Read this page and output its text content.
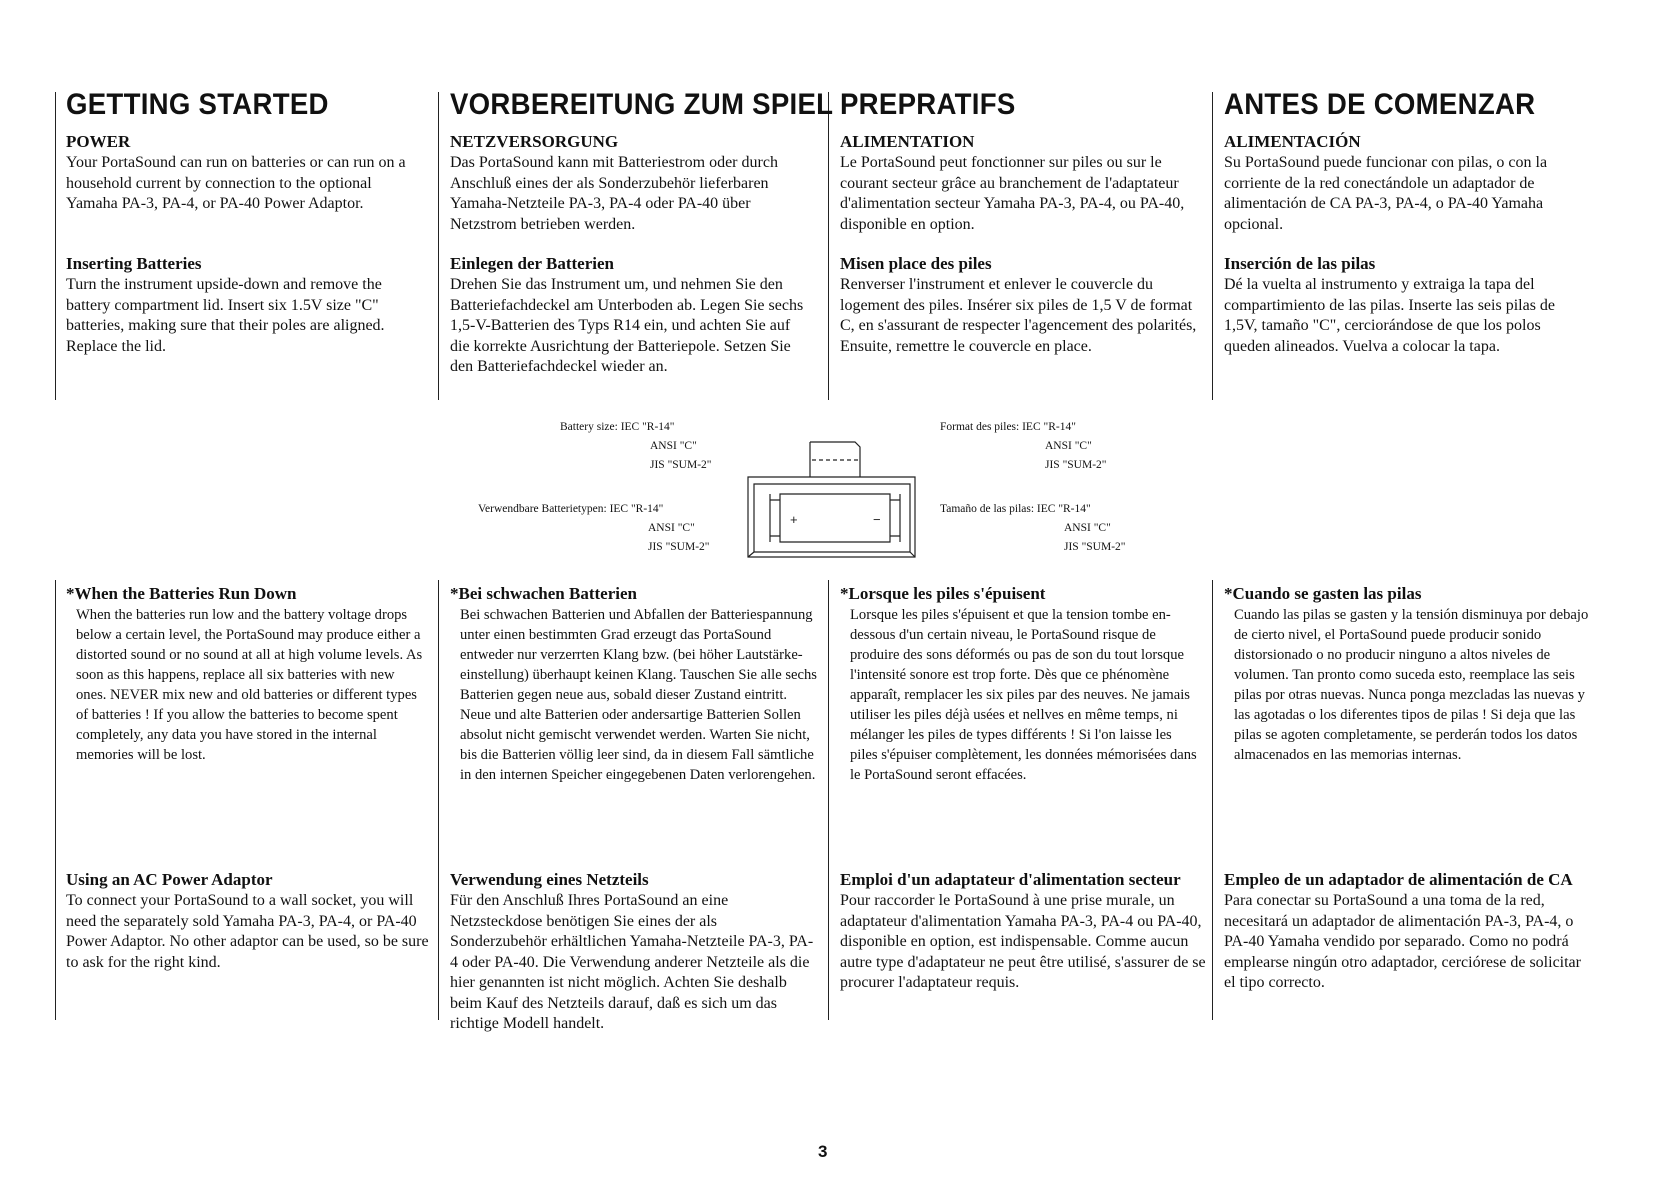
GETTING STARTED

POWER

Your PortaSound can run on batteries or can run on a household current by connection to the optional Yamaha PA-3, PA-4, or PA-40 Power Adaptor.

Inserting Batteries

Turn the instrument upside-down and remove the battery compartment lid. Insert six 1.5V size "C" batteries, making sure that their poles are aligned. Replace the lid.

*When the Batteries Run Down

When the batteries run low and the battery voltage drops below a certain level, the PortaSound may produce either a distorted sound or no sound at all at high volume levels. As soon as this happens, replace all six batteries with new ones. NEVER mix new and old batteries or different types of batteries ! If you allow the batteries to become spent completely, any data you have stored in the internal memories will be lost.

Using an AC Power Adaptor

To connect your PortaSound to a wall socket, you will need the separately sold Yamaha PA-3, PA-4, or PA-40 Power Adaptor. No other adaptor can be used, so be sure to ask for the right kind.

VORBEREITUNG ZUM SPIEL

NETZVERSORGUNG

Das PortaSound kann mit Batteriestrom oder durch Anschluß eines der als Sonderzubehör lieferbaren Yamaha-Netzteile PA-3, PA-4 oder PA-40 über Netzstrom betrieben werden.

Einlegen der Batterien

Drehen Sie das Instrument um, und nehmen Sie den Batteriefachdeckel am Unterboden ab. Legen Sie sechs 1,5-V-Batterien des Typs R14 ein, und achten Sie auf die korrekte Ausrichtung der Batteriepole. Setzen Sie den Batteriefachdeckel wieder an.

*Bei schwachen Batterien

Bei schwachen Batterien und Abfallen der Batteriespannung unter einen bestimmten Grad erzeugt das PortaSound entweder nur verzerrten Klang bzw. (bei höher Lautstärke-einstellung) überhaupt keinen Klang. Tauschen Sie alle sechs Batterien gegen neue aus, sobald dieser Zustand eintritt. Neue und alte Batterien oder andersartige Batterien Sollen absolut nicht gemischt verwendet werden. Warten Sie nicht, bis die Batterien völlig leer sind, da in diesem Fall sämtliche in den internen Speicher eingegebenen Daten verlorengehen.

Verwendung eines Netzteils

Für den Anschluß Ihres PortaSound an eine Netzsteckdose benötigen Sie eines der als Sonderzubehör erhältlichen Yamaha-Netzteile PA-3, PA-4 oder PA-40. Die Verwendung anderer Netzteile als die hier genannten ist nicht möglich. Achten Sie deshalb beim Kauf des Netzteils darauf, daß es sich um das richtige Modell handelt.

PREPRATIFS

ALIMENTATION

Le PortaSound peut fonctionner sur piles ou sur le courant secteur grâce au branchement de l'adaptateur d'alimentation secteur Yamaha PA-3, PA-4, ou PA-40, disponible en option.

Misen place des piles

Renverser l'instrument et enlever le couvercle du logement des piles. Insérer six piles de 1,5 V de format C, en s'assurant de respecter l'agencement des polarités, Ensuite, remettre le couvercle en place.

*Lorsque les piles s'épuisent

Lorsque les piles s'épuisent et que la tension tombe en-dessous d'un certain niveau, le PortaSound risque de produire des sons déformés ou pas de son du tout lorsque l'intensité sonore est trop forte. Dès que ce phénomène apparaît, remplacer les six piles par des neuves. Ne jamais utiliser les piles déjà usées et nellves en même temps, ni mélanger les piles de types différents ! Si l'on laisse les piles s'épuiser complètement, les données mémorisées dans le PortaSound seront effacées.

Emploi d'un adaptateur d'alimentation secteur

Pour raccorder le PortaSound à une prise murale, un adaptateur d'alimentation Yamaha PA-3, PA-4 ou PA-40, disponible en option, est indispensable. Comme aucun autre type d'adaptateur ne peut être utilisé, s'assurer de se procurer l'adaptateur requis.

ANTES DE COMENZAR

ALIMENTACIÓN

Su PortaSound puede funcionar con pilas, o con la corriente de la red conectándole un adaptador de alimentación de CA PA-3, PA-4, o PA-40 Yamaha opcional.

Inserción de las pilas

Dé la vuelta al instrumento y extraiga la tapa del compartimiento de las pilas. Inserte las seis pilas de 1,5V, tamaño "C", cerciorándose de que los polos queden alineados. Vuelva a colocar la tapa.

*Cuando se gasten las pilas

Cuando las pilas se gasten y la tensión disminuya por debajo de cierto nivel, el PortaSound puede producir sonido distorsionado o no producir ninguno a altos niveles de volumen. Tan pronto como suceda esto, reemplace las seis pilas por otras nuevas. Nunca ponga mezcladas las nuevas y las agotadas o los diferentes tipos de pilas ! Si deja que las pilas se agoten completamente, se perderán todos los datos almacenados en las memorias internas.

Empleo de un adaptador de alimentación de CA

Para conectar su PortaSound a una toma de la red, necesitará un adaptador de alimentación PA-3, PA-4, o PA-40 Yamaha vendido por separado. Como no podrá emplearse ningún otro adaptador, cerciórese de solicitar el tipo correcto.

Battery size: IEC "R-14"
ANSI "C"
JIS "SUM-2"
Verwendbare Batterietypen: IEC "R-14"
ANSI "C"
JIS "SUM-2"
Format des piles: IEC "R-14"
ANSI "C"
JIS "SUM-2"
Tamaño de las pilas: IEC "R-14"
ANSI "C"
JIS "SUM-2"
+	−
3
